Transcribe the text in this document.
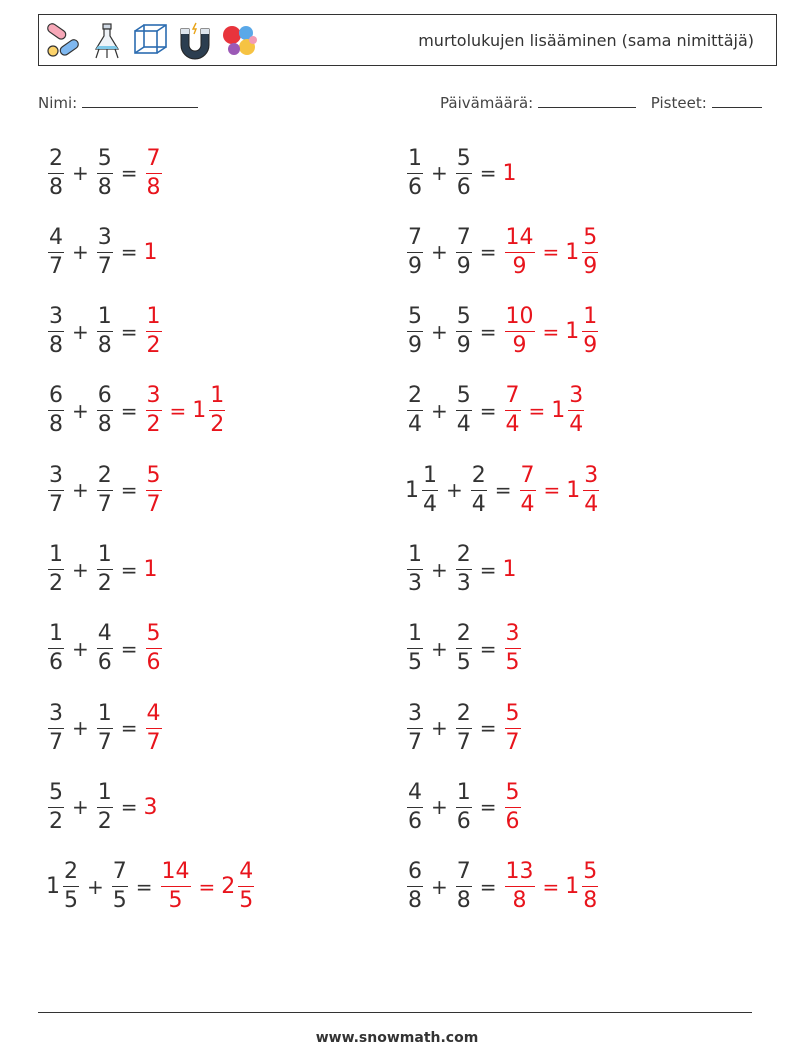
murtolukujen lisääminen (sama nimittäjä)
Nimi:	Päivämäärä:	Pisteet:
$\frac{2}{8} + \frac{5}{8} = \frac{7}{8}$	$\frac{1}{6} + \frac{5}{6} = 1$
$\frac{4}{7} + \frac{3}{7} = 1$	$\frac{7}{9} + \frac{7}{9} = \frac{14}{9} = 1 \frac{5}{9}$
$\frac{3}{8} + \frac{1}{8} = \frac{1}{2}$	$\frac{5}{9} + \frac{5}{9} = \frac{10}{9} = 1 \frac{1}{9}$
$\frac{6}{8} + \frac{6}{8} = \frac{3}{2} = 1 \frac{1}{2}$	$\frac{2}{4} + \frac{5}{4} = \frac{7}{4} = 1 \frac{3}{4}$
$\frac{3}{7} + \frac{2}{7} = \frac{5}{7}$	$1 \frac{1}{4} + \frac{2}{4} = \frac{7}{4} = 1 \frac{3}{4}$
$\frac{1}{2} + \frac{1}{2} = 1$	$\frac{1}{3} + \frac{2}{3} = 1$
$\frac{1}{6} + \frac{4}{6} = \frac{5}{6}$	$\frac{1}{5} + \frac{2}{5} = \frac{3}{5}$
$\frac{3}{7} + \frac{1}{7} = \frac{4}{7}$	$\frac{3}{7} + \frac{2}{7} = \frac{5}{7}$
$\frac{5}{2} + \frac{1}{2} = 3$	$\frac{4}{6} + \frac{1}{6} = \frac{5}{6}$
$1 \frac{2}{5} + \frac{7}{5} = \frac{14}{5} = 2 \frac{4}{5}$	$\frac{6}{8} + \frac{7}{8} = \frac{13}{8} = 1 \frac{5}{8}$
www.snowmath.com
